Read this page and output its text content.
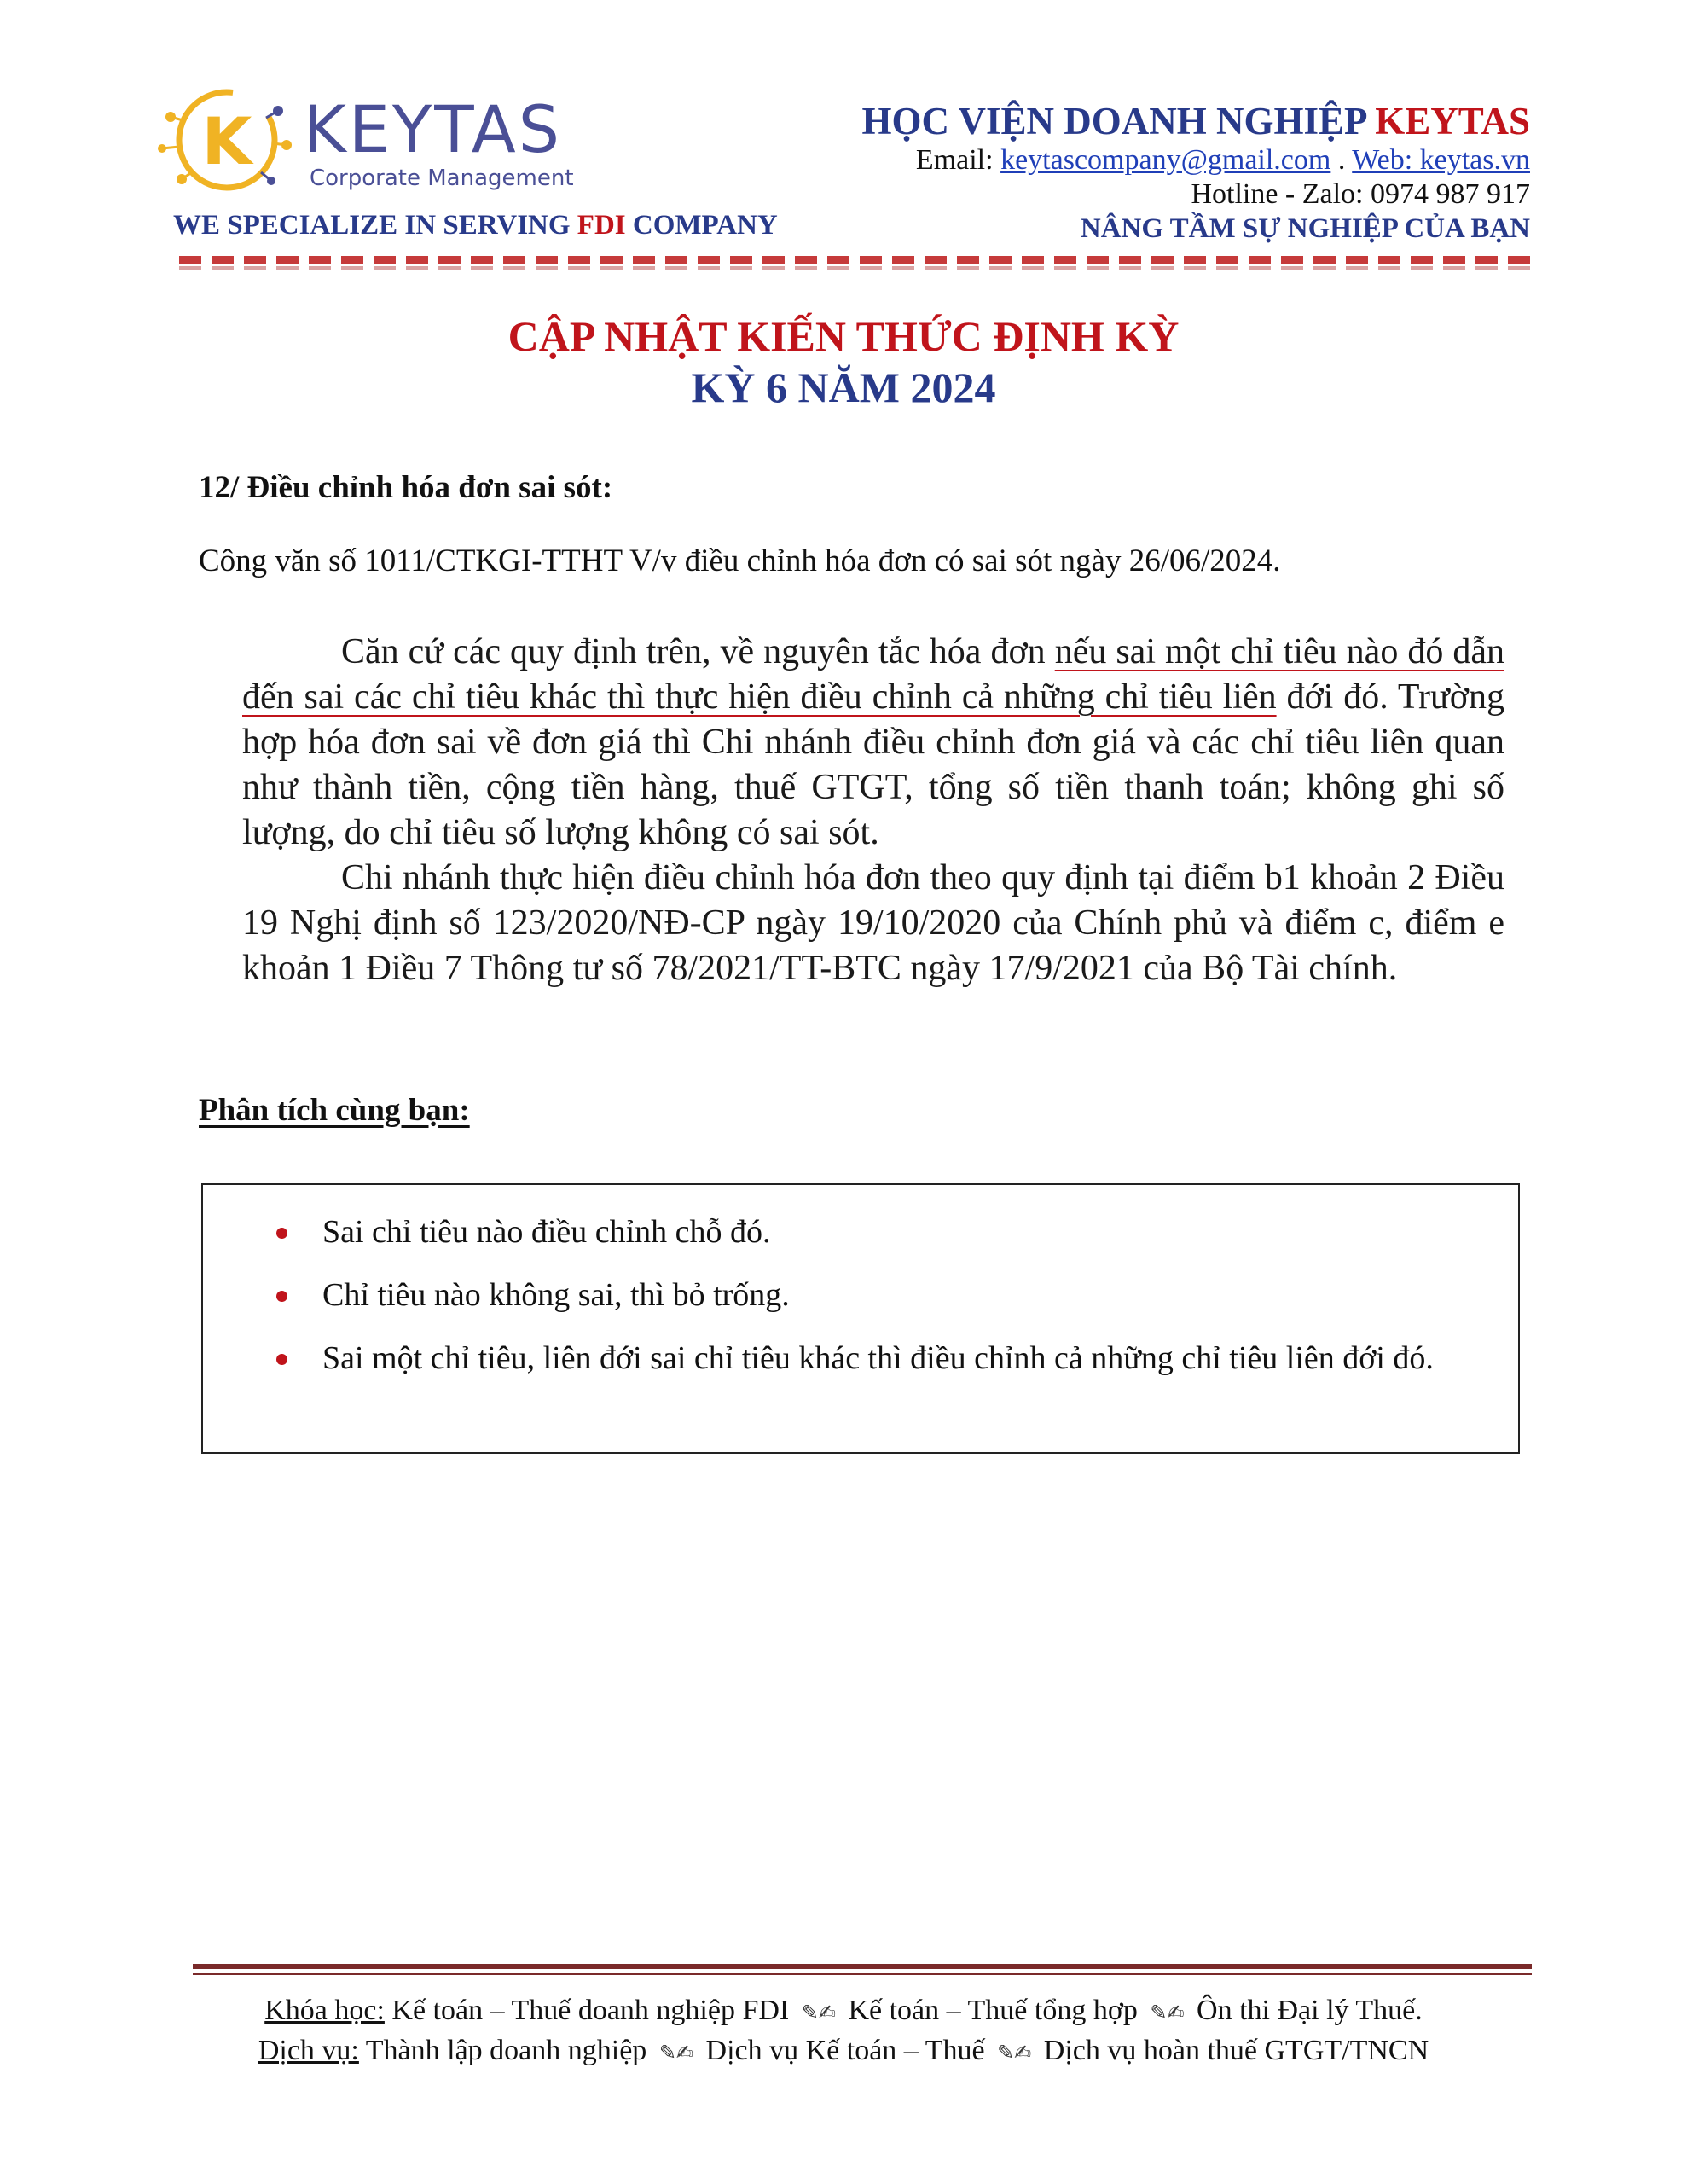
K KEYTAS
Corporate Management
WE SPECIALIZE IN SERVING FDI COMPANY
HỌC VIỆN DOANH NGHIỆP KEYTAS
Email: keytascompany@gmail.com . Web: keytas.vn
Hotline - Zalo: 0974 987 917
NÂNG TẦM SỰ NGHIỆP CỦA BẠN
CẬP NHẬT KIẾN THỨC ĐỊNH KỲ
KỲ 6 NĂM 2024
12/ Điều chỉnh hóa đơn sai sót:
Công văn số 1011/CTKGI-TTHT V/v điều chỉnh hóa đơn có sai sót ngày 26/06/2024.

Căn cứ các quy định trên, về nguyên tắc hóa đơn nếu sai một chỉ tiêu nào đó dẫn đến sai các chỉ tiêu khác thì thực hiện điều chỉnh cả những chỉ tiêu liên đới đó. Trường hợp hóa đơn sai về đơn giá thì Chi nhánh điều chỉnh đơn giá và các chỉ tiêu liên quan như thành tiền, cộng tiền hàng, thuế GTGT, tổng số tiền thanh toán; không ghi số lượng, do chỉ tiêu số lượng không có sai sót.

Chi nhánh thực hiện điều chỉnh hóa đơn theo quy định tại điểm b1 khoản 2 Điều 19 Nghị định số 123/2020/NĐ-CP ngày 19/10/2020 của Chính phủ và điểm c, điểm e khoản 1 Điều 7 Thông tư số 78/2021/TT-BTC ngày 17/9/2021 của Bộ Tài chính.

Phân tích cùng bạn:
Sai chỉ tiêu nào điều chỉnh chỗ đó.
Chỉ tiêu nào không sai, thì bỏ trống.
Sai một chỉ tiêu, liên đới sai chỉ tiêu khác thì điều chỉnh cả những chỉ tiêu liên đới đó.
Khóa học: Kế toán – Thuế doanh nghiệp FDI ✎✍ Kế toán – Thuế tổng hợp ✎✍ Ôn thi Đại lý Thuế.
Dịch vụ: Thành lập doanh nghiệp ✎✍ Dịch vụ Kế toán – Thuế ✎✍ Dịch vụ hoàn thuế GTGT/TNCN
